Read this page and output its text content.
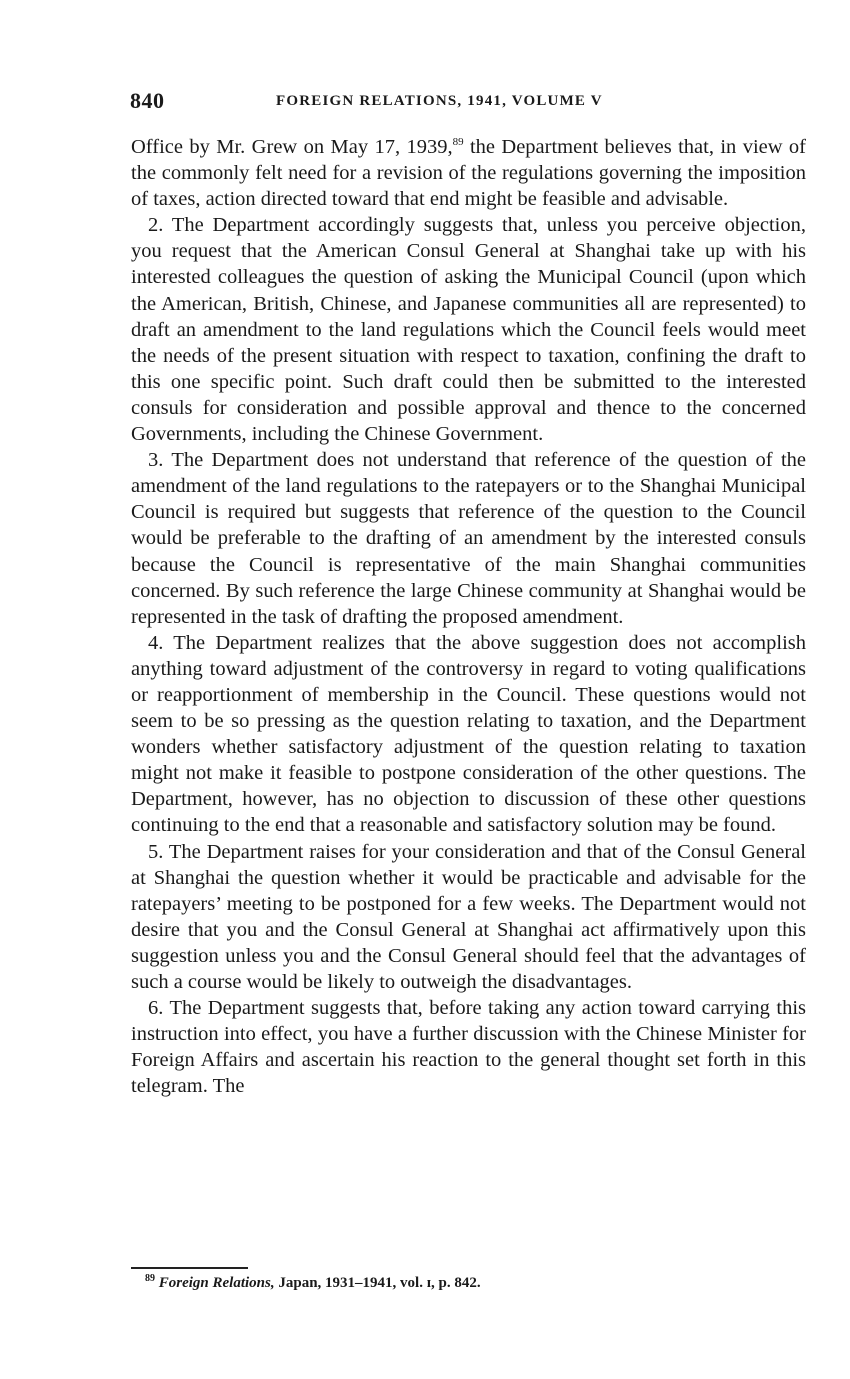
840	FOREIGN RELATIONS, 1941, VOLUME V

Office by Mr. Grew on May 17, 1939,89 the Department believes that, in view of the commonly felt need for a revision of the regulations governing the imposition of taxes, action directed toward that end might be feasible and advisable.

2. The Department accordingly suggests that, unless you perceive objection, you request that the American Consul General at Shanghai take up with his interested colleagues the question of asking the Municipal Council (upon which the American, British, Chinese, and Japanese communities all are represented) to draft an amendment to the land regulations which the Council feels would meet the needs of the present situation with respect to taxation, confining the draft to this one specific point. Such draft could then be submitted to the interested consuls for consideration and possible approval and thence to the concerned Governments, including the Chinese Government.

3. The Department does not understand that reference of the question of the amendment of the land regulations to the ratepayers or to the Shanghai Municipal Council is required but suggests that reference of the question to the Council would be preferable to the drafting of an amendment by the interested consuls because the Council is representative of the main Shanghai communities concerned. By such reference the large Chinese community at Shanghai would be represented in the task of drafting the proposed amendment.

4. The Department realizes that the above suggestion does not accomplish anything toward adjustment of the controversy in regard to voting qualifications or reapportionment of membership in the Council. These questions would not seem to be so pressing as the question relating to taxation, and the Department wonders whether satisfactory adjustment of the question relating to taxation might not make it feasible to postpone consideration of the other questions. The Department, however, has no objection to discussion of these other questions continuing to the end that a reasonable and satisfactory solution may be found.

5. The Department raises for your consideration and that of the Consul General at Shanghai the question whether it would be practicable and advisable for the ratepayers’ meeting to be postponed for a few weeks. The Department would not desire that you and the Consul General at Shanghai act affirmatively upon this suggestion unless you and the Consul General should feel that the advantages of such a course would be likely to outweigh the disadvantages.

6. The Department suggests that, before taking any action toward carrying this instruction into effect, you have a further discussion with the Chinese Minister for Foreign Affairs and ascertain his reaction to the general thought set forth in this telegram. The

$^{89}$ Foreign Relations, Japan, 1931–1941, vol. ɪ, p. 842.
